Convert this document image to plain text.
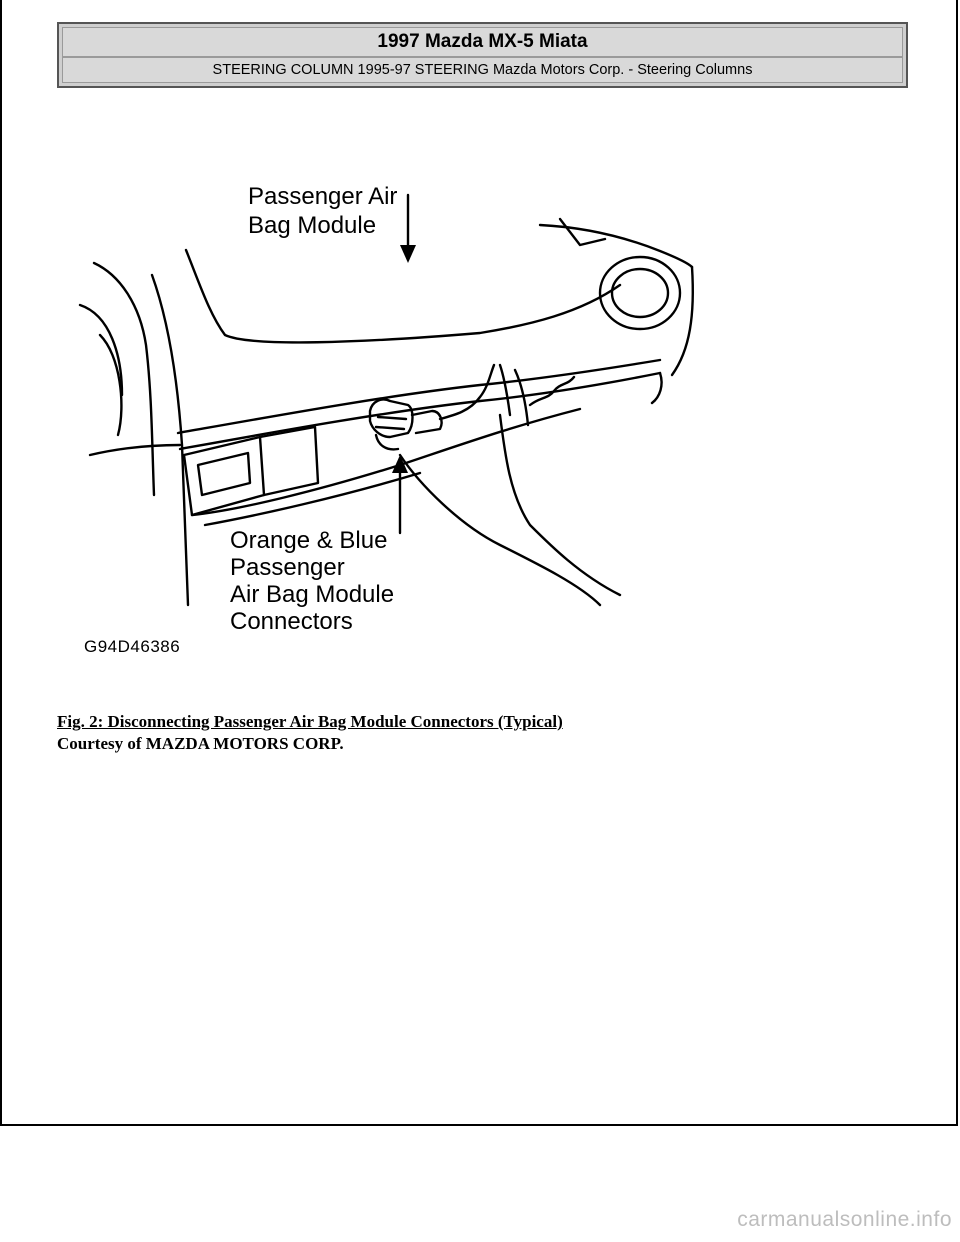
1997 Mazda MX-5 Miata
STEERING COLUMN 1995-97 STEERING Mazda Motors Corp. - Steering Columns
Passenger Air
Bag Module
Orange & Blue
Passenger
Air Bag Module
Connectors
G94D46386
Fig. 2: Disconnecting Passenger Air Bag Module Connectors (Typical)
Courtesy of MAZDA MOTORS CORP.
carmanualsonline.info
